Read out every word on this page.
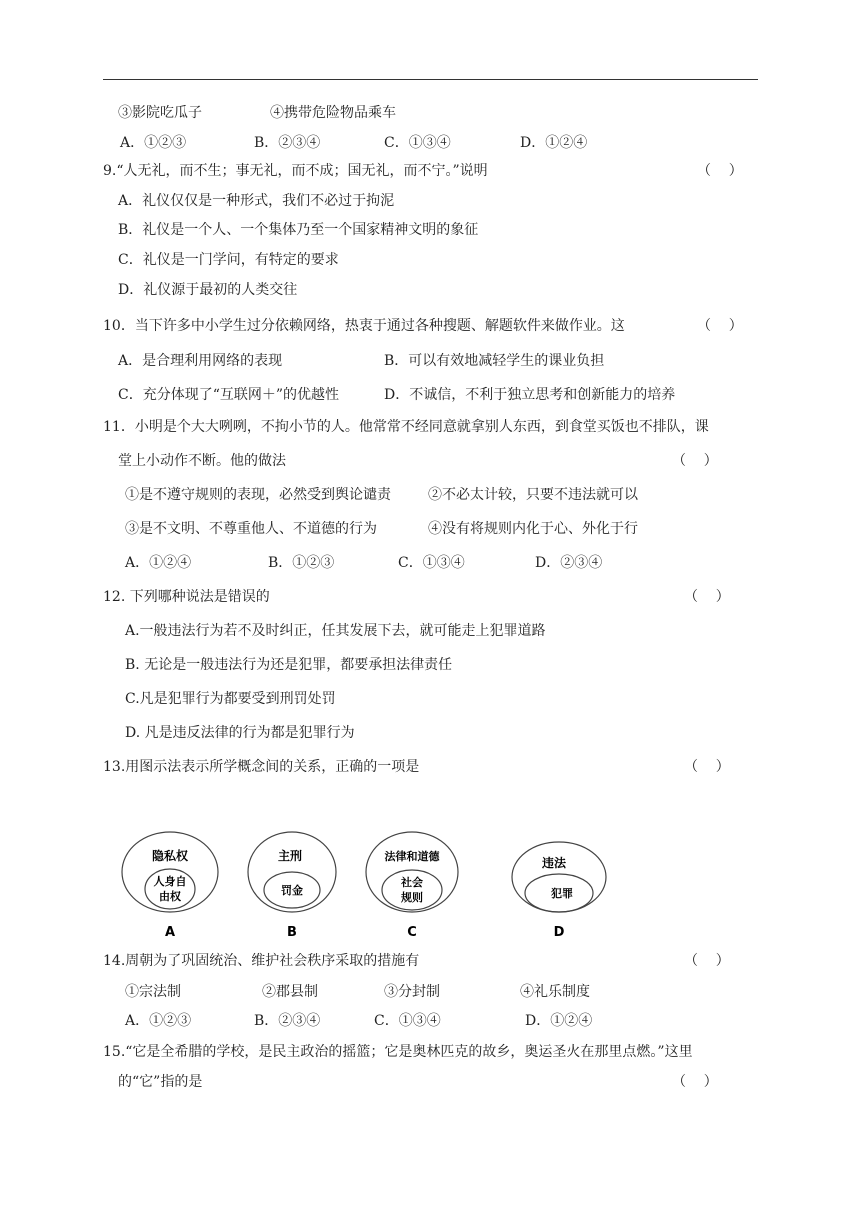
③影院吃瓜子	④携带危险物品乘车
A．①②③	B．②③④	C．①③④	D．①②④
9.“人无礼，而不生；事无礼，而不成；国无礼，而不宁。”说明	（    ）
A．礼仪仅仅是一种形式，我们不必过于拘泥
B．礼仪是一个人、一个集体乃至一个国家精神文明的象征
C．礼仪是一门学问，有特定的要求
D．礼仪源于最初的人类交往
10．当下许多中小学生过分依赖网络，热衷于通过各种搜题、解题软件来做作业。这	（    ）
A．是合理利用网络的表现	B．可以有效地减轻学生的课业负担
C．充分体现了“互联网＋”的优越性	D．不诚信，不利于独立思考和创新能力的培养
11．小明是个大大咧咧，不拘小节的人。他常常不经同意就拿别人东西，到食堂买饭也不排队，课
堂上小动作不断。他的做法	（    ）
①是不遵守规则的表现，必然受到舆论谴责	②不必太计较，只要不违法就可以
③是不文明、不尊重他人、不道德的行为	④没有将规则内化于心、外化于行
A．①②④	B．①②③	C．①③④	D．②③④
12. 下列哪种说法是错误的	（    ）
A.一般违法行为若不及时纠正，任其发展下去，就可能走上犯罪道路
B. 无论是一般违法行为还是犯罪，都要承担法律责任
C.凡是犯罪行为都要受到刑罚处罚
D. 凡是违反法律的行为都是犯罪行为
13.用图示法表示所学概念间的关系，正确的一项是	（    ）
隐私权
人身自
由权
A
主刑
罚金
B
法律和道德
社会
规则
C
违法
犯罪
D
14.周朝为了巩固统治、维护社会秩序采取的措施有	（    ）
①宗法制	②郡县制	③分封制	④礼乐制度
A．①②③	B．②③④	C．①③④	D．①②④
15.“它是全希腊的学校，是民主政治的摇篮；它是奥林匹克的故乡，奥运圣火在那里点燃。”这里
的“它”指的是	（    ）
